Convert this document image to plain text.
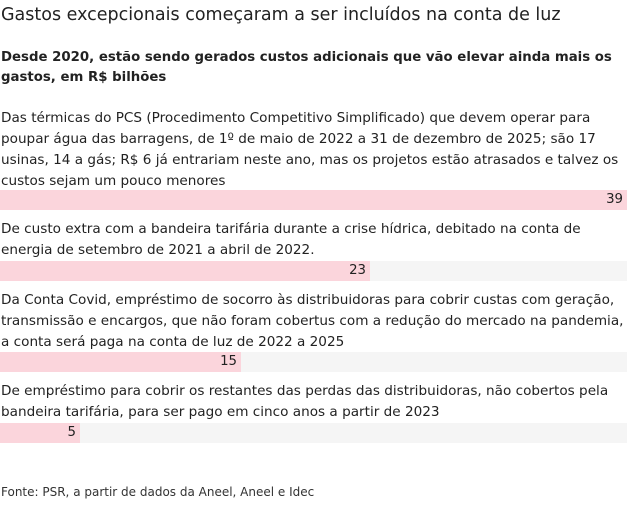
Gastos excepcionais começaram a ser incluídos na conta de luz
Desde 2020, estão sendo gerados custos adicionais que vão elevar ainda mais os gastos, em R$ bilhões
Das térmicas do PCS (Procedimento Competitivo Simplificado) que devem operar para poupar água das barragens, de 1º de maio de 2022 a 31 de dezembro de 2025; são 17 usinas, 14 a gás; R$ 6 já entrariam neste ano, mas os projetos estão atrasados e talvez os custos sejam um pouco menores
39
De custo extra com a bandeira tarifária durante a crise hídrica, debitado na conta de energia de setembro de 2021 a abril de 2022.
23
Da Conta Covid, empréstimo de socorro às distribuidoras para cobrir custas com geração, transmissão e encargos, que não foram cobertus com a redução do mercado na pandemia, a conta será paga na conta de luz de 2022 a 2025
15
De empréstimo para cobrir os restantes das perdas das distribuidoras, não cobertos pela bandeira tarifária, para ser pago em cinco anos a partir de 2023
5
Fonte: PSR, a partir de dados da Aneel, Aneel e Idec
